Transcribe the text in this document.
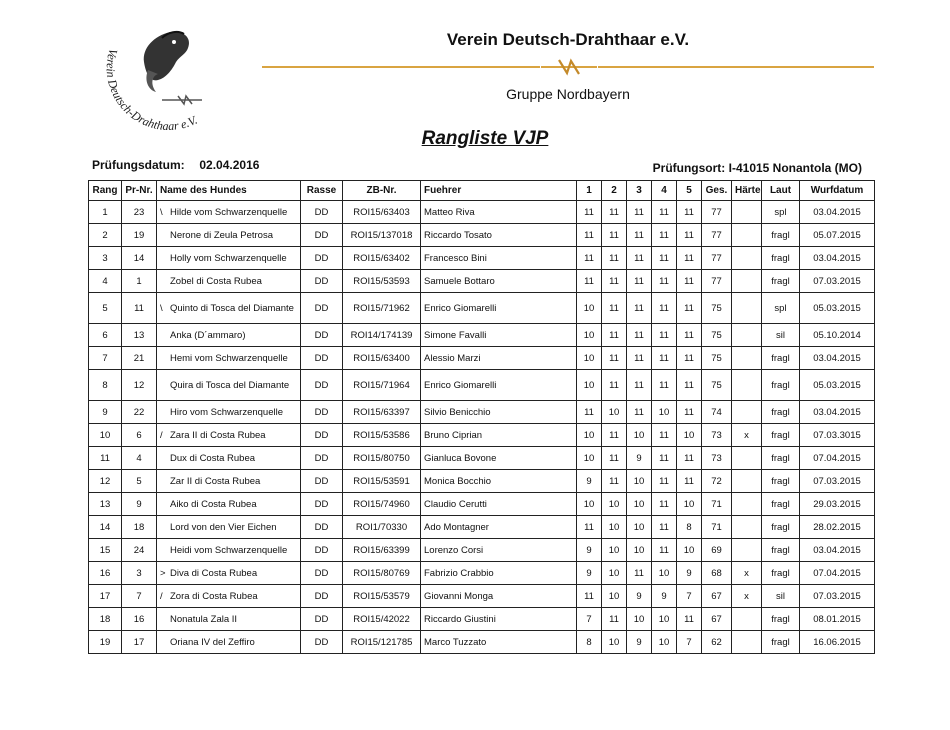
Verein Deutsch-Drahthaar e.V.
Verein Deutsch-Drahthaar e.V.
Gruppe Nordbayern
Rangliste VJP
Prüfungsdatum: 02.04.2016	Prüfungsort: I-41015 Nonantola (MO)
Rang	Pr-Nr.	Name des Hundes	Rasse	ZB-Nr.	Fuehrer	1	2	3	4	5	Ges.	Härte	Laut	Wurfdatum
1	23	\ Hilde vom Schwarzenquelle	DD	ROI15/63403	Matteo Riva	11	11	11	11	11	77		spl	03.04.2015
2	19	Nerone di Zeula Petrosa	DD	ROI15/137018	Riccardo Tosato	11	11	11	11	11	77		fragl	05.07.2015
3	14	Holly vom Schwarzenquelle	DD	ROI15/63402	Francesco Bini	11	11	11	11	11	77		fragl	03.04.2015
4	1	Zobel di Costa Rubea	DD	ROI15/53593	Samuele Bottaro	11	11	11	11	11	77		fragl	07.03.2015
5	11	\ Quinto di Tosca del Diamante	DD	ROI15/71962	Enrico Giomarelli	10	11	11	11	11	75		spl	05.03.2015
6	13	Anka (D´ammaro)	DD	ROI14/174139	Simone Favalli	10	11	11	11	11	75		sil	05.10.2014
7	21	Hemi vom Schwarzenquelle	DD	ROI15/63400	Alessio Marzi	10	11	11	11	11	75		fragl	03.04.2015
8	12	Quira di Tosca del Diamante	DD	ROI15/71964	Enrico Giomarelli	10	11	11	11	11	75		fragl	05.03.2015
9	22	Hiro vom Schwarzenquelle	DD	ROI15/63397	Silvio Benicchio	11	10	11	10	11	74		fragl	03.04.2015
10	6	/ Zara II di Costa Rubea	DD	ROI15/53586	Bruno Ciprian	10	11	10	11	10	73	x	fragl	07.03.3015
11	4	Dux di Costa Rubea	DD	ROI15/80750	Gianluca Bovone	10	11	9	11	11	73		fragl	07.04.2015
12	5	Zar II di Costa Rubea	DD	ROI15/53591	Monica Bocchio	9	11	10	11	11	72		fragl	07.03.2015
13	9	Aiko di Costa Rubea	DD	ROI15/74960	Claudio Cerutti	10	10	10	11	10	71		fragl	29.03.2015
14	18	Lord von den Vier Eichen	DD	ROI1/70330	Ado Montagner	11	10	10	11	8	71		fragl	28.02.2015
15	24	Heidi vom Schwarzenquelle	DD	ROI15/63399	Lorenzo Corsi	9	10	10	11	10	69		fragl	03.04.2015
16	3	> Diva di Costa Rubea	DD	ROI15/80769	Fabrizio Crabbio	9	10	11	10	9	68	x	fragl	07.04.2015
17	7	/ Zora di Costa Rubea	DD	ROI15/53579	Giovanni Monga	11	10	9	9	7	67	x	sil	07.03.2015
18	16	Nonatula Zala II	DD	ROI15/42022	Riccardo Giustini	7	11	10	10	11	67		fragl	08.01.2015
19	17	Oriana IV del Zeffiro	DD	ROI15/121785	Marco Tuzzato	8	10	9	10	7	62		fragl	16.06.2015
